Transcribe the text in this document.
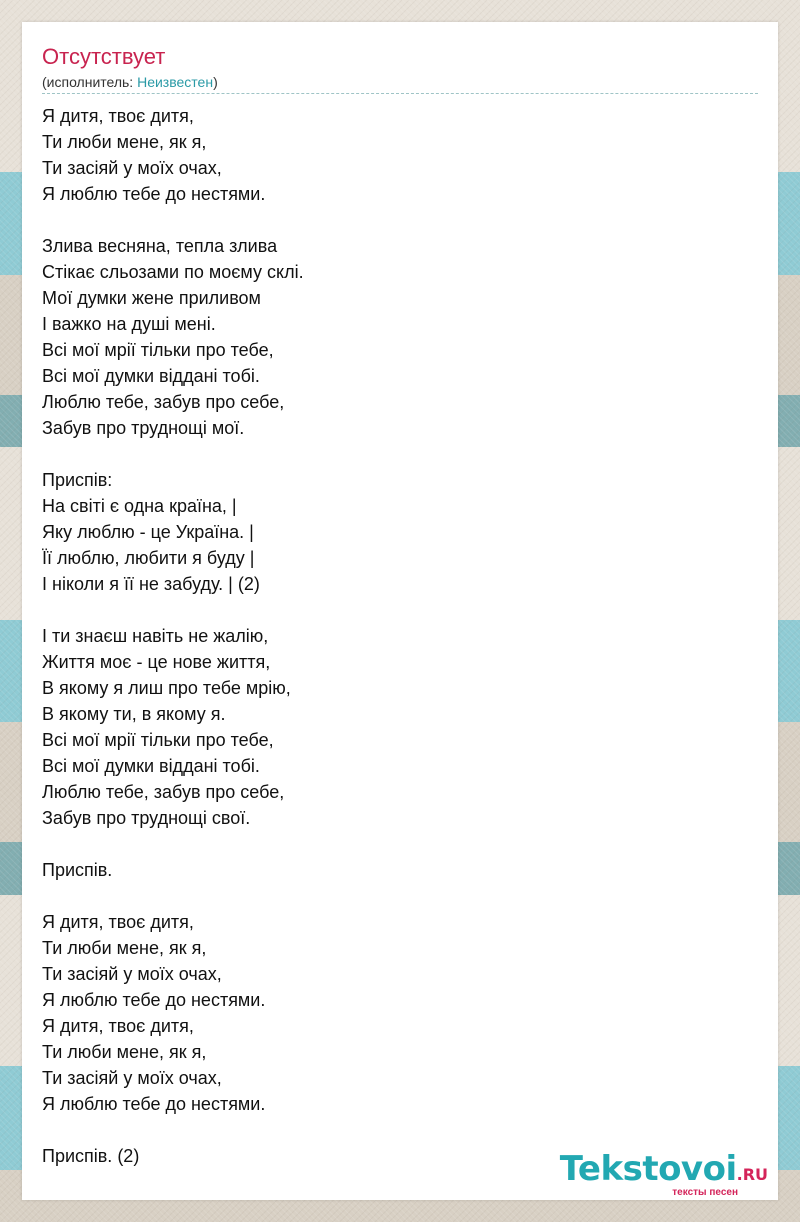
Отсутствует
(исполнитель: Неизвестен)
Я дитя, твоє дитя,
Ти люби мене, як я,
Ти засіяй у моїх очах,
Я люблю тебе до нестями.
Злива весняна, тепла злива
Стікає сльозами по моєму склі.
Мої думки жене приливом
І важко на душі мені.
Всі мої мрії тільки про тебе,
Всі мої думки віддані тобі.
Люблю тебе, забув про себе,
Забув про труднощі мої.
Приспів:
На світі є одна країна, |
Яку люблю - це Україна. |
Її люблю, любити я буду |
І ніколи я її не забуду. | (2)
І ти знаєш навіть не жалію,
Життя моє - це нове життя,
В якому я лиш про тебе мрію,
В якому ти, в якому я.
Всі мої мрії тільки про тебе,
Всі мої думки віддані тобі.
Люблю тебе, забув про себе,
Забув про труднощі свої.
Приспів.
Я дитя, твоє дитя,
Ти люби мене, як я,
Ти засіяй у моїх очах,
Я люблю тебе до нестями.
Я дитя, твоє дитя,
Ти люби мене, як я,
Ти засіяй у моїх очах,
Я люблю тебе до нестями.
Приспів. (2)	Tekstovoi.RU
тексты песен
